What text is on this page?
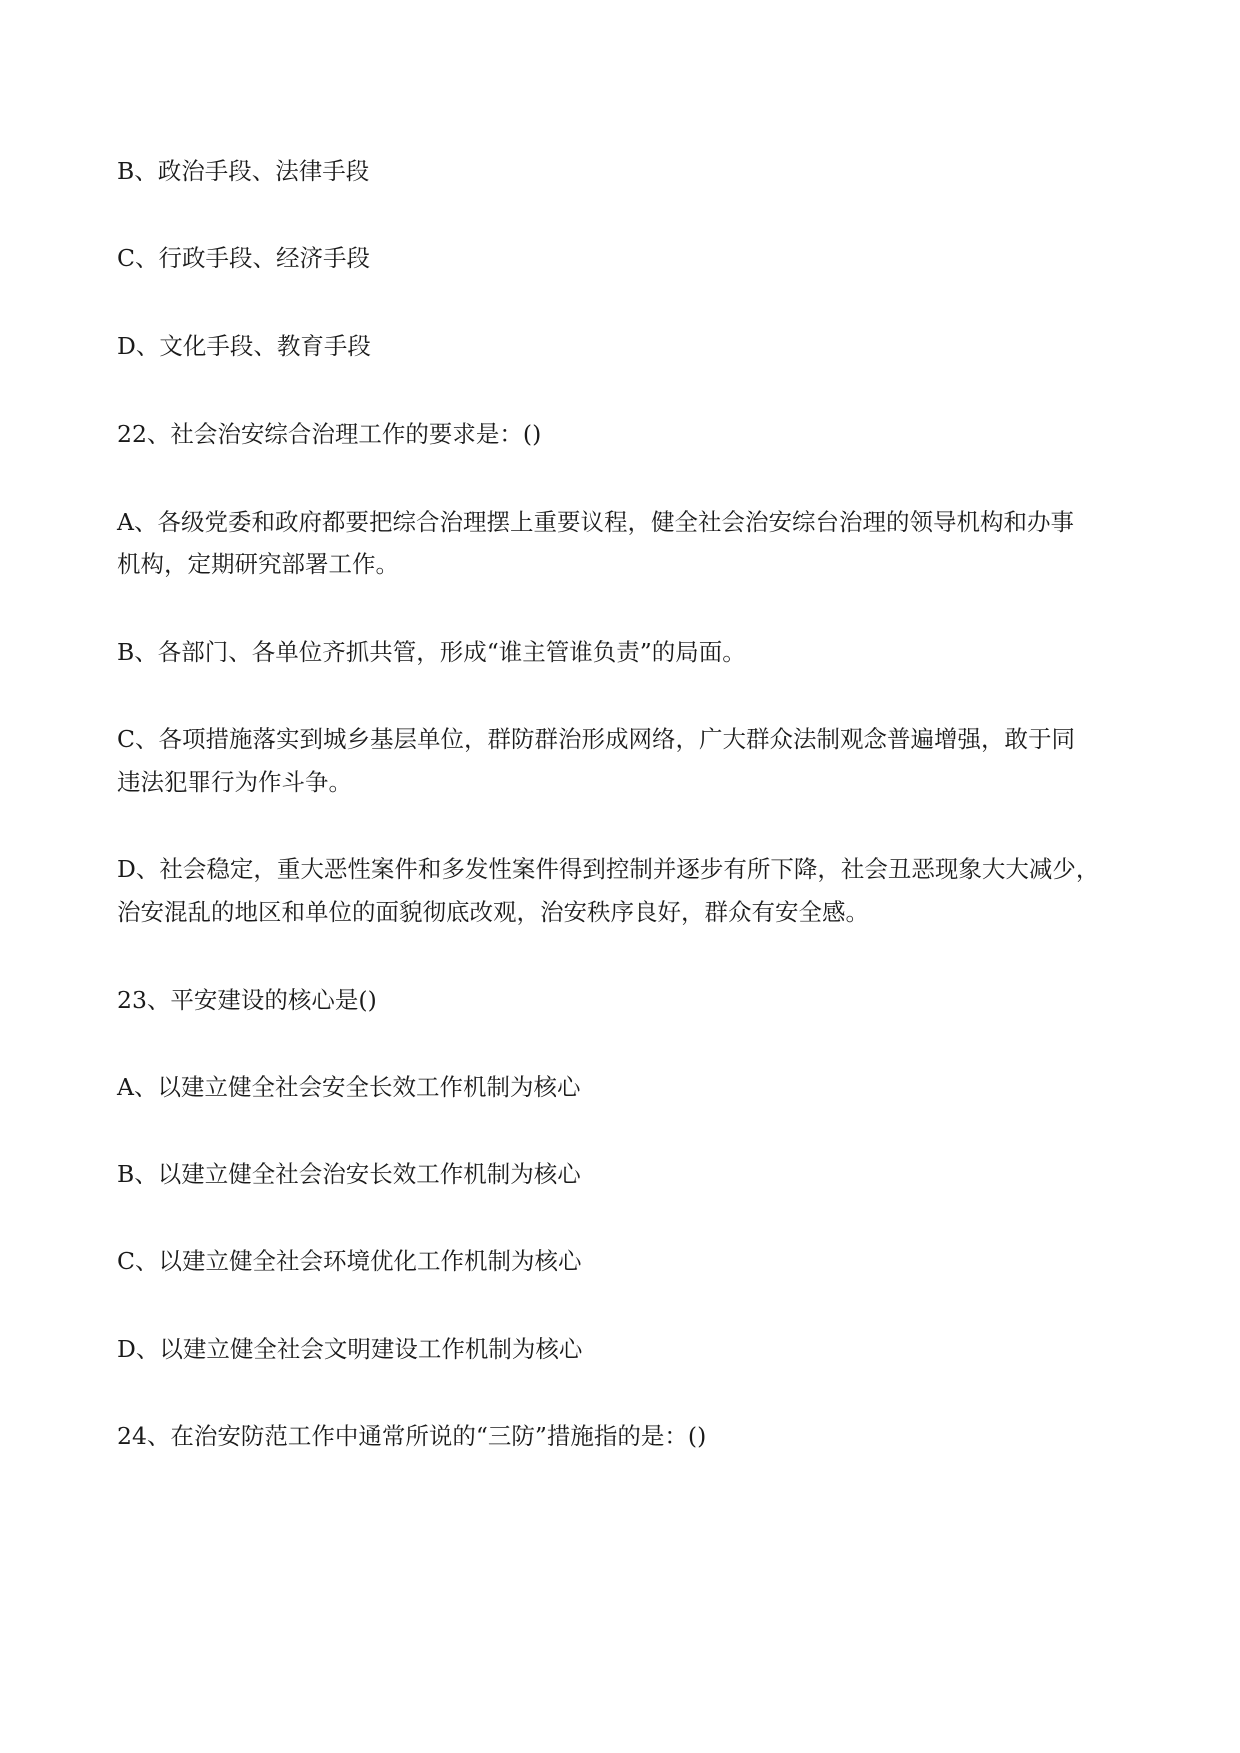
B、政治手段、法律手段
C、行政手段、经济手段
D、文化手段、教育手段
22、社会治安综合治理工作的要求是：()
A、各级党委和政府都要把综合治理摆上重要议程，健全社会治安综台治理的领导机构和办事
机构，定期研究部署工作。
B、各部门、各单位齐抓共管，形成“谁主管谁负责”的局面。
C、各项措施落实到城乡基层单位，群防群治形成网络，广大群众法制观念普遍增强，敢于同
违法犯罪行为作斗争。
D、社会稳定，重大恶性案件和多发性案件得到控制并逐步有所下降，社会丑恶现象大大减少，
治安混乱的地区和单位的面貌彻底改观，治安秩序良好，群众有安全感。
23、平安建设的核心是()
A、以建立健全社会安全长效工作机制为核心
B、以建立健全社会治安长效工作机制为核心
C、以建立健全社会环境优化工作机制为核心
D、以建立健全社会文明建设工作机制为核心
24、在治安防范工作中通常所说的“三防”措施指的是：()
